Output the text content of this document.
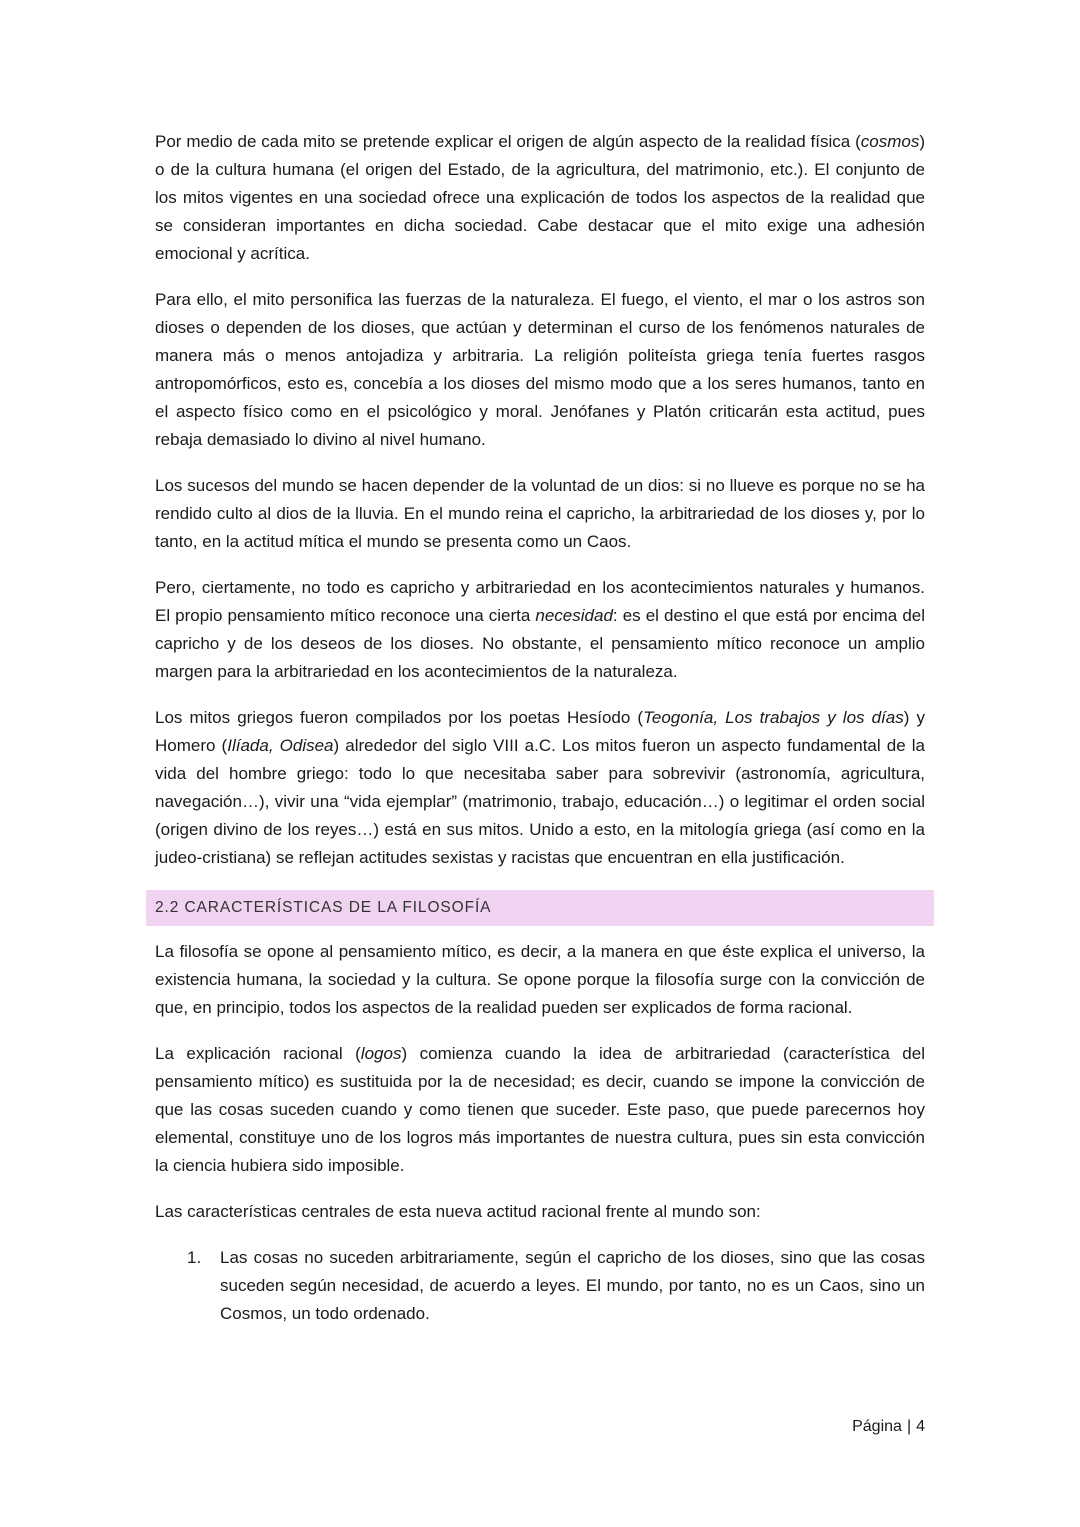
Por medio de cada mito se pretende explicar el origen de algún aspecto de la realidad física (cosmos) o de la cultura humana (el origen del Estado, de la agricultura, del matrimonio, etc.). El conjunto de los mitos vigentes en una sociedad ofrece una explicación de todos los aspectos de la realidad que se consideran importantes en dicha sociedad. Cabe destacar que el mito exige una adhesión emocional y acrítica.

Para ello, el mito personifica las fuerzas de la naturaleza. El fuego, el viento, el mar o los astros son dioses o dependen de los dioses, que actúan y determinan el curso de los fenómenos naturales de manera más o menos antojadiza y arbitraria. La religión politeísta griega tenía fuertes rasgos antropomórficos, esto es, concebía a los dioses del mismo modo que a los seres humanos, tanto en el aspecto físico como en el psicológico y moral. Jenófanes y Platón criticarán esta actitud, pues rebaja demasiado lo divino al nivel humano.

Los sucesos del mundo se hacen depender de la voluntad de un dios: si no llueve es porque no se ha rendido culto al dios de la lluvia. En el mundo reina el capricho, la arbitrariedad de los dioses y, por lo tanto, en la actitud mítica el mundo se presenta como un Caos.

Pero, ciertamente, no todo es capricho y arbitrariedad en los acontecimientos naturales y humanos. El propio pensamiento mítico reconoce una cierta necesidad: es el destino el que está por encima del capricho y de los deseos de los dioses. No obstante, el pensamiento mítico reconoce un amplio margen para la arbitrariedad en los acontecimientos de la naturaleza.

Los mitos griegos fueron compilados por los poetas Hesíodo (Teogonía, Los trabajos y los días) y Homero (Ilíada, Odisea) alrededor del siglo VIII a.C. Los mitos fueron un aspecto fundamental de la vida del hombre griego: todo lo que necesitaba saber para sobrevivir (astronomía, agricultura, navegación…), vivir una “vida ejemplar” (matrimonio, trabajo, educación…) o legitimar el orden social (origen divino de los reyes…) está en sus mitos. Unido a esto, en la mitología griega (así como en la judeo-cristiana) se reflejan actitudes sexistas y racistas que encuentran en ella justificación.

2.2 CARACTERÍSTICAS DE LA FILOSOFÍA

La filosofía se opone al pensamiento mítico, es decir, a la manera en que éste explica el universo, la existencia humana, la sociedad y la cultura. Se opone porque la filosofía surge con la convicción de que, en principio, todos los aspectos de la realidad pueden ser explicados de forma racional.

La explicación racional (logos) comienza cuando la idea de arbitrariedad (característica del pensamiento mítico) es sustituida por la de necesidad; es decir, cuando se impone la convicción de que las cosas suceden cuando y como tienen que suceder. Este paso, que puede parecernos hoy elemental, constituye uno de los logros más importantes de nuestra cultura, pues sin esta convicción la ciencia hubiera sido imposible.

Las características centrales de esta nueva actitud racional frente al mundo son:

1. Las cosas no suceden arbitrariamente, según el capricho de los dioses, sino que las cosas suceden según necesidad, de acuerdo a leyes. El mundo, por tanto, no es un Caos, sino un Cosmos, un todo ordenado.
Página | 4
